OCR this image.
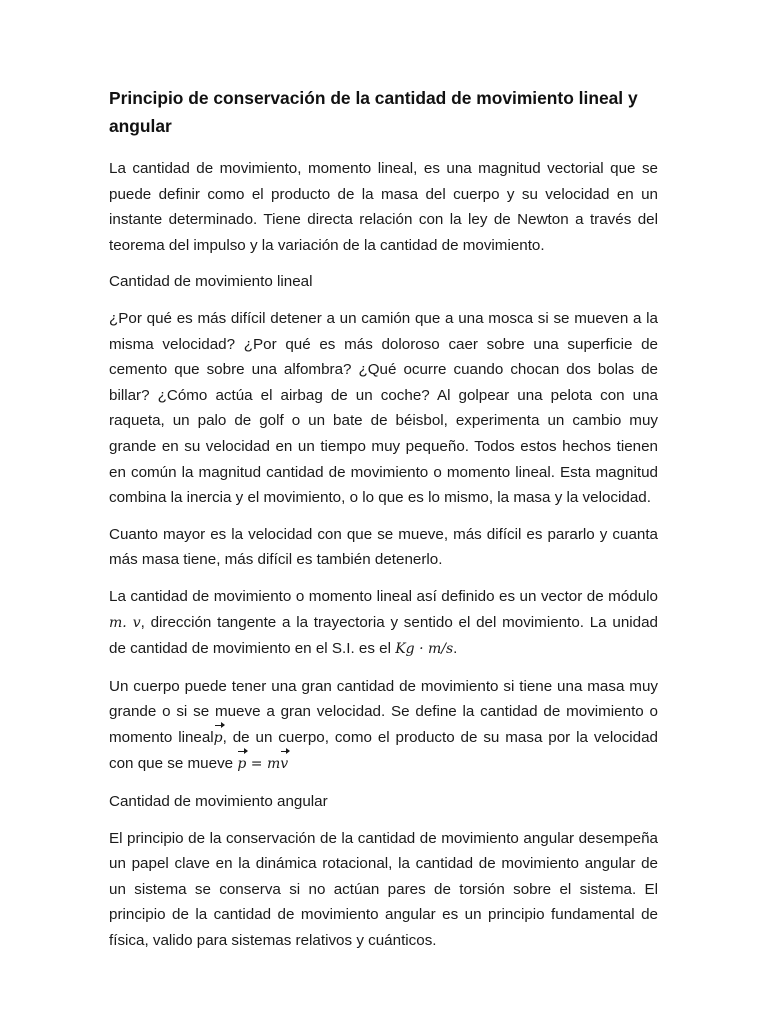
Principio de conservación de la cantidad de movimiento lineal y angular

La cantidad de movimiento, momento lineal, es una magnitud vectorial que se puede definir como el producto de la masa del cuerpo y su velocidad en un instante determinado. Tiene directa relación con la ley de Newton a través del teorema del impulso y la variación de la cantidad de movimiento.

Cantidad de movimiento lineal

¿Por qué es más difícil detener a un camión que a una mosca si se mueven a la misma velocidad? ¿Por qué es más doloroso caer sobre una superficie de cemento que sobre una alfombra? ¿Qué ocurre cuando chocan dos bolas de billar? ¿Cómo actúa el airbag de un coche? Al golpear una pelota con una raqueta, un palo de golf o un bate de béisbol, experimenta un cambio muy grande en su velocidad en un tiempo muy pequeño. Todos estos hechos tienen en común la magnitud cantidad de movimiento o momento lineal. Esta magnitud combina la inercia y el movimiento, o lo que es lo mismo, la masa y la velocidad.

Cuanto mayor es la velocidad con que se mueve, más difícil es pararlo y cuanta más masa tiene, más difícil es también detenerlo.

La cantidad de movimiento o momento lineal así definido es un vector de módulo m. v, dirección tangente a la trayectoria y sentido el del movimiento. La unidad de cantidad de movimiento en el S.I. es el Kg · m/s.

Un cuerpo puede tener una gran cantidad de movimiento si tiene una masa muy grande o si se mueve a gran velocidad. Se define la cantidad de movimiento o momento linealp, de un cuerpo, como el producto de su masa por la velocidad con que se mueve p = mv

Cantidad de movimiento angular

El principio de la conservación de la cantidad de movimiento angular desempeña un papel clave en la dinámica rotacional, la cantidad de movimiento angular de un sistema se conserva si no actúan pares de torsión sobre el sistema. El principio de la cantidad de movimiento angular es un principio fundamental de física, valido para sistemas relativos y cuánticos.
